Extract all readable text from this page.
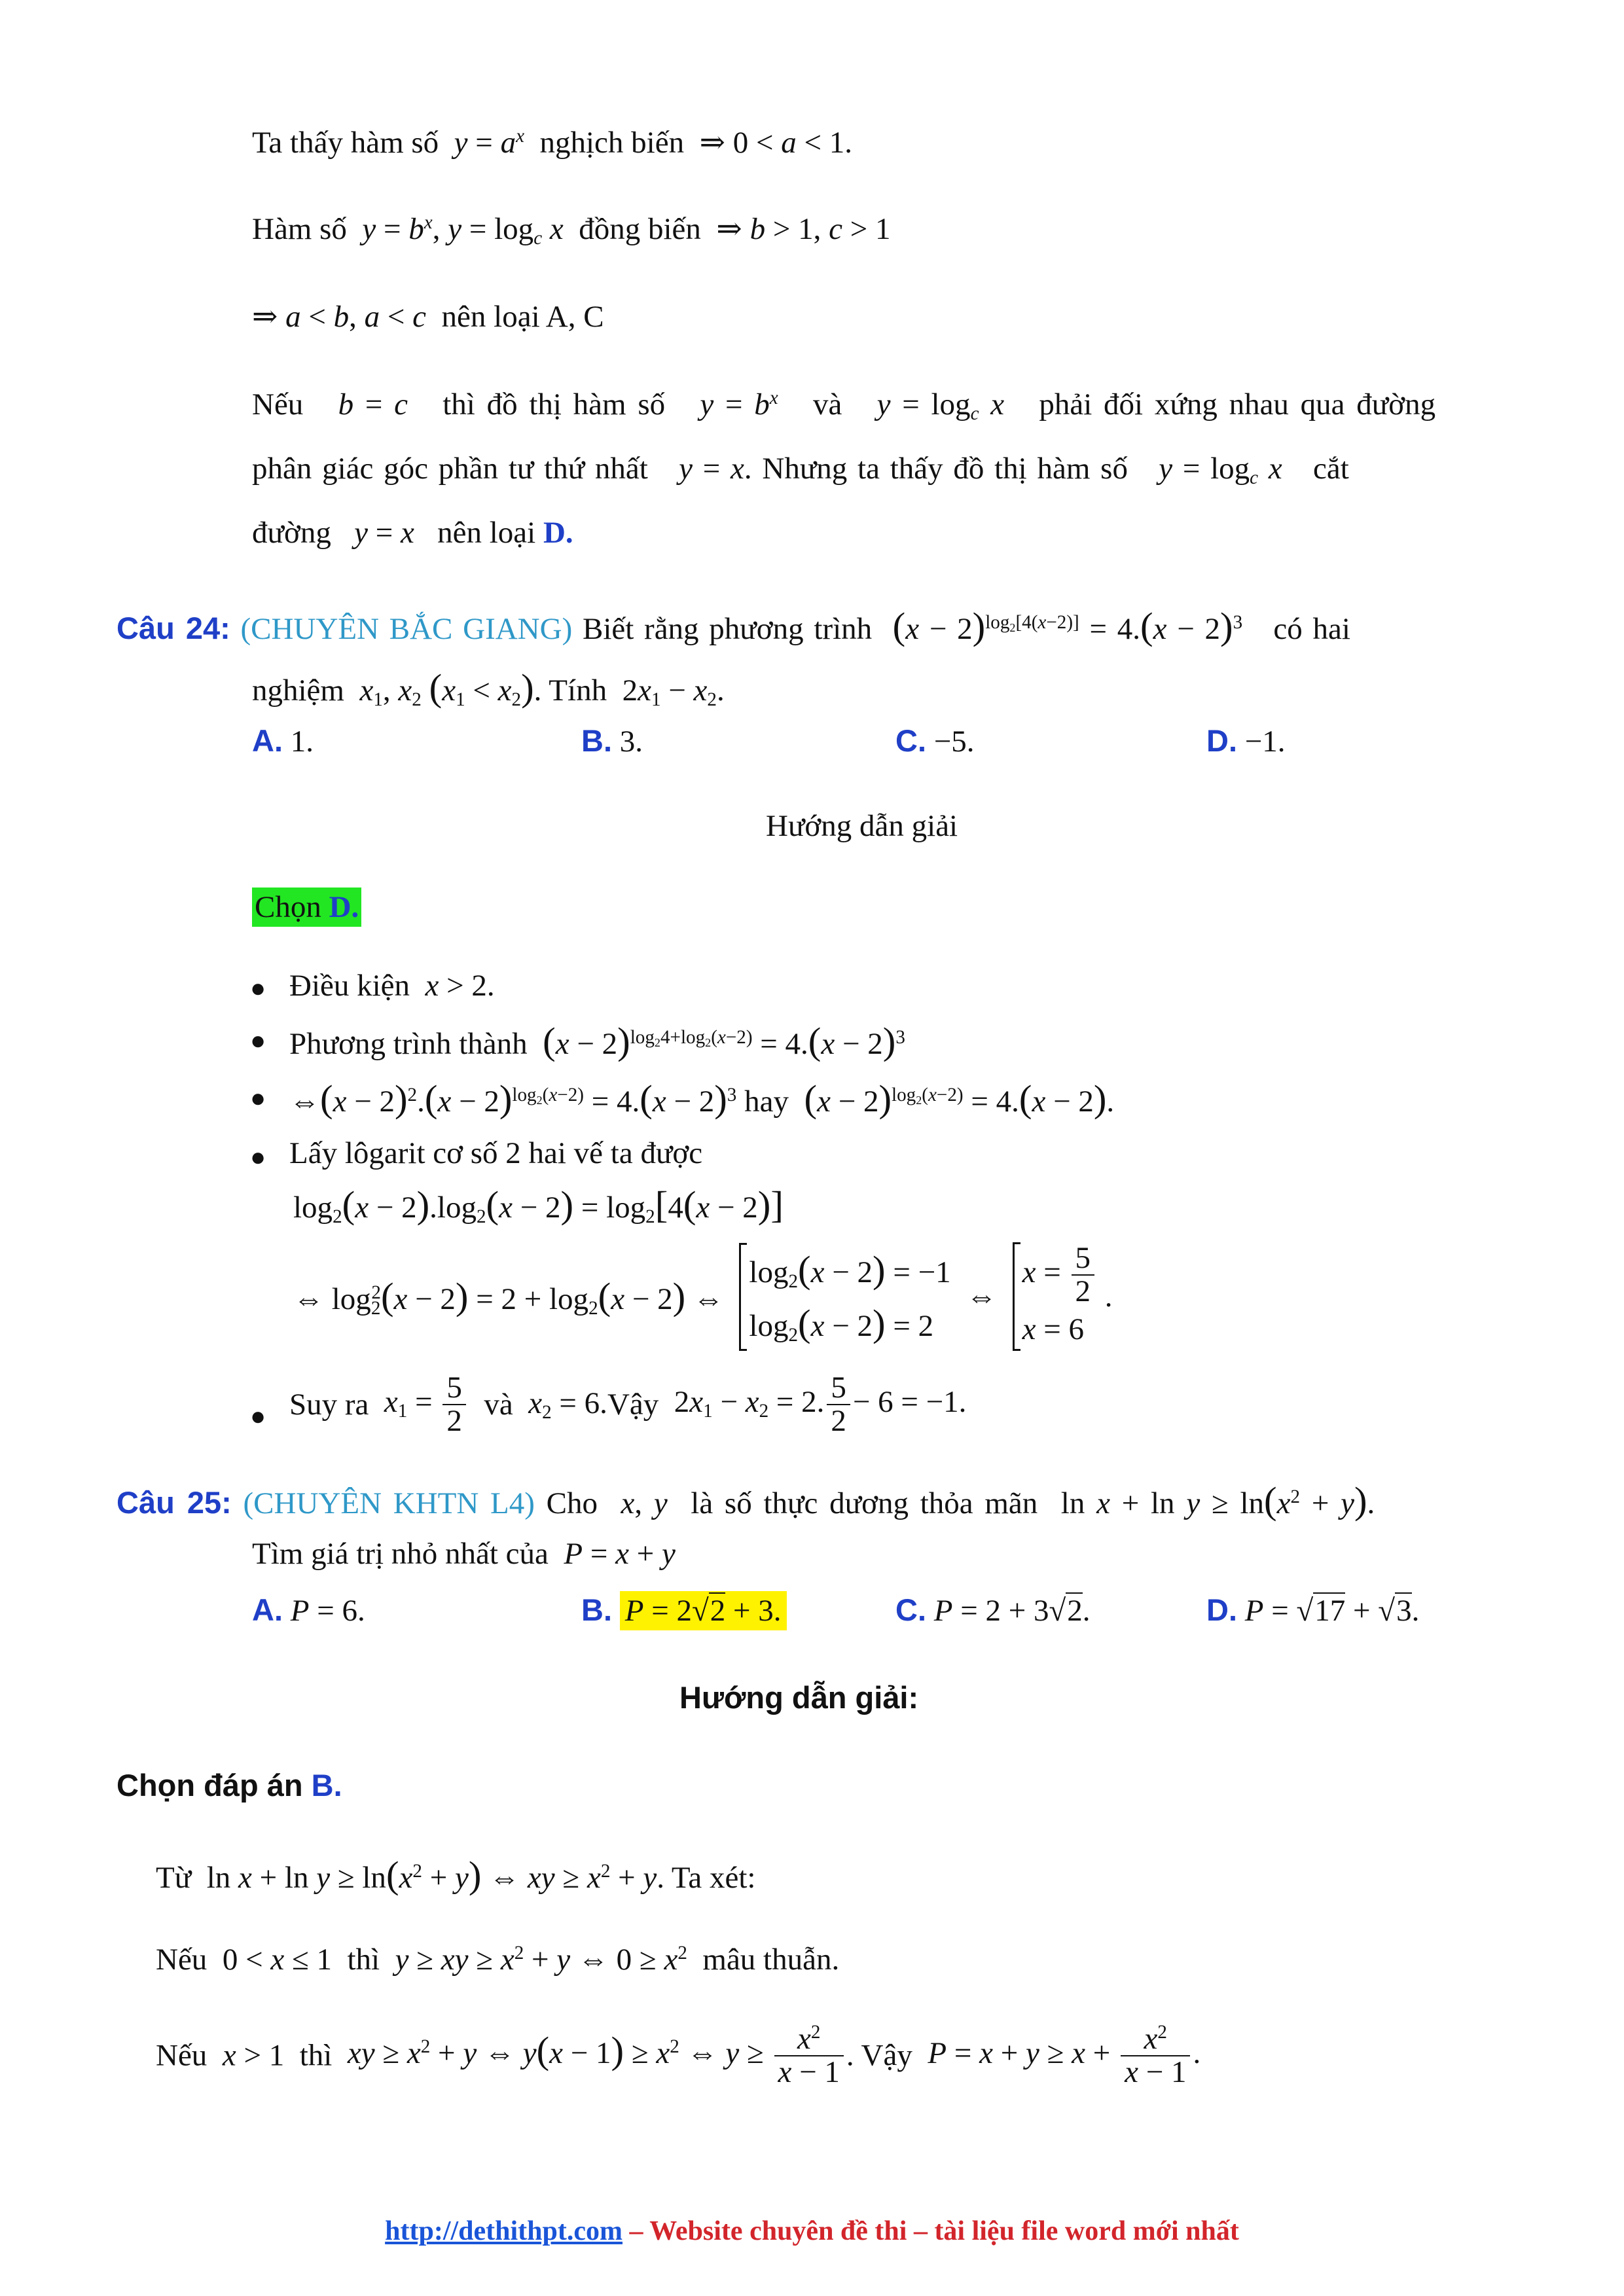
Ta thấy hàm số $y = a^x$ nghịch biến  ⇒ 0 < a < 1.
Hàm số $y = b^x$, $y = \log_c x$ đồng biến  ⇒ b > 1, c > 1
⇒ a < b, a < c nên loại A, C
Nếu b = c thì đồ thị hàm số $y = b^x$ và $y = \log_c x$ phải đối xứng nhau qua đường
phân giác góc phần tư thứ nhất y = x. Nhưng ta thấy đồ thị hàm số $y = \log_c x$ cắt
đường y = x nên loại D.
Câu 24: (CHUYÊN BẮC GIANG) Biết rằng phương trình $(x - 2)^{log_2[4(x-2)]} = 4.(x - 2)^3$ có hai
nghiệm $x_1$, $x_2$ $(x_1 < x_2)$. Tính  $2x_1 - x_2$.
A. 1.	B. 3.	C. −5.	D. −1.
Hướng dẫn giải
Chọn D.
● Điều kiện x > 2.
● Phương trình thành $(x - 2)^{log_24+log_2(x-2)} = 4.(x - 2)^3$
● ⇔(x − $2)^2.(x - 2)^{log_2(x-2)} = 4.(x - 2)^3$ hay $(x - 2)^{log_2(x-2)} = 4.(x - 2)$.
● Lấy lôgarit cơ số 2 hai vế ta được
$\log_2(x - 2).\log_2(x - 2) = \log_2[4(x - 2)]$
⇔ $\log_2^2(x - 2) = 2 + \log_2(x - 2)$ ⇔
$\log_2(x - 2) = -1$
$\log_2(x - 2) = 2$
⇔
$x = \frac{5}{2}$
x = 6
.
● Suy ra $x_1 = \frac{5}{2}$ và $x_2$ = 6.Vậy  $2x_1 - x_2 = 2$. $\frac{5}{2} - 6 = -1$.
Câu 25: (CHUYÊN KHTN L4) Cho x, y là số thực dương thỏa mãn  $\ln x + \ln y \ge \ln(x^2 + y)$.
Tìm giá trị nhỏ nhất của P = x + y
A. P = 6.	B. P = 2√2 + 3.	C. P = 2 + 3√2.	D. P = √17 + √3.
Hướng dẫn giải:
Chọn đáp án B.
Từ  $\ln x + \ln y \ge \ln(x^2 + y)$ ⇔ xy ≥ $x^2 + y$. Ta xét:
Nếu  0 < x ≤ 1  thì y ≥ xy ≥ $x^2 + y$ ⇔ $0 \ge x^2$ mâu thuẫn.
Nếu x > 1  thì xy ≥ $x^2 + y$ ⇔ $y(x - 1) \ge x^2$ ⇔ $y \ge \frac{x^2}{x - 1}$ . Vậy $P = x + y \ge x + \frac{x^2}{x - 1}$ .
http://dethithpt.com – Website chuyên đề thi – tài liệu file word mới nhất
